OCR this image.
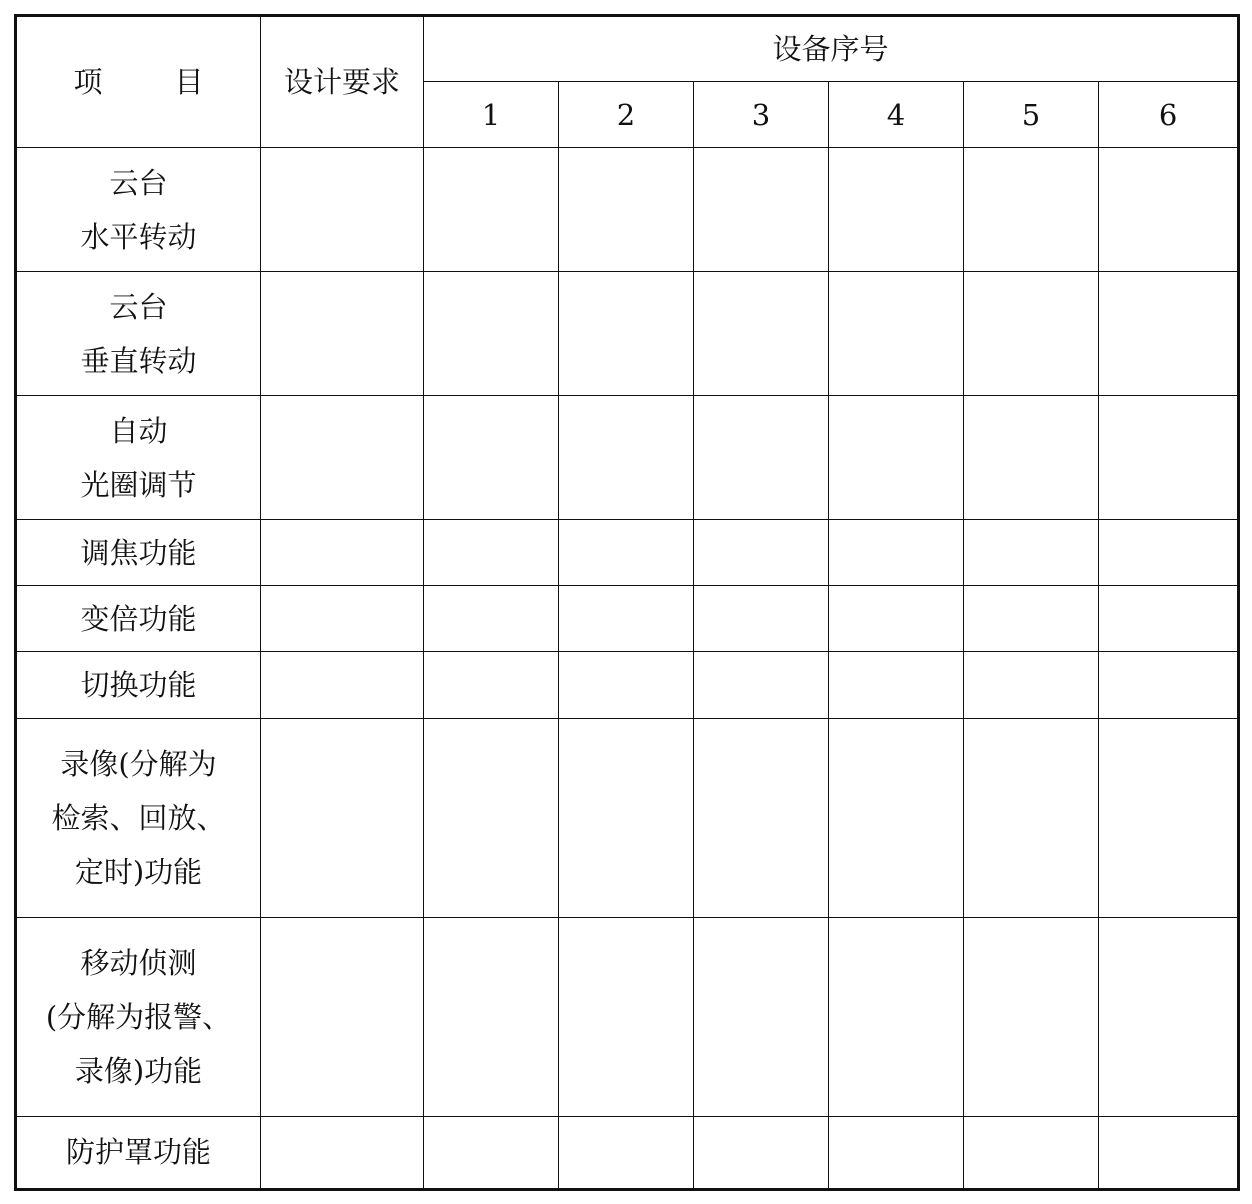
项 目	设计要求	设备序号					
		1	2	3	4	5	6

云台
水平转动							

云台
垂直转动							

自动
光圈调节							

调焦功能							

变倍功能							

切换功能							

录像(分解为
检索、回放、
定时)功能							

移动侦测
(分解为报警、
录像)功能							

防护罩功能							
